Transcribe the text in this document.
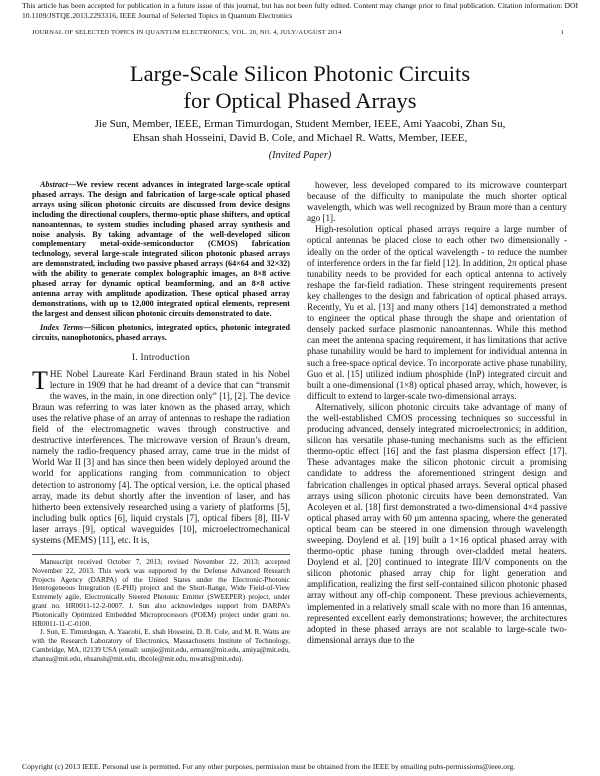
This article has been accepted for publication in a future issue of this journal, but has not been fully edited. Content may change prior to final publication. Citation information: DOI 10.1109/JSTQE.2013.2293316, IEEE Journal of Selected Topics in Quantum Electronics
JOURNAL OF SELECTED TOPICS IN QUANTUM ELECTRONICS, VOL. 20, NO. 4, JULY/AUGUST 2014	1
Large-Scale Silicon Photonic Circuits
for Optical Phased Arrays
Jie Sun, Member, IEEE, Erman Timurdogan, Student Member, IEEE, Ami Yaacobi, Zhan Su,
Ehsan shah Hosseini, David B. Cole, and Michael R. Watts, Member, IEEE,
(Invited Paper)

Abstract—We review recent advances in integrated large-scale optical phased arrays. The design and fabrication of large-scale optical phased arrays using silicon photonic circuits are discussed from device designs including the directional couplers, thermo-optic phase shifters, and optical nanoantennas, to system studies including phased array synthesis and noise analysis. By taking advantage of the well-developed silicon complementary metal-oxide-semiconductor (CMOS) fabrication technology, several large-scale integrated silicon photonic phased arrays are demonstrated, including two passive phased arrays (64×64 and 32×32) with the ability to generate complex holographic images, an 8×8 active phased array for dynamic optical beamforming, and an 8×8 active antenna array with amplitude apodization. These optical phased array demonstrations, with up to 12,000 integrated optical elements, represent the largest and densest silicon photonic circuits demonstrated to date.

Index Terms—Silicon photonics, integrated optics, photonic integrated circuits, nanophotonics, phased arrays.

I. Introduction

THE Nobel Laureate Karl Ferdinand Braun stated in his Nobel lecture in 1909 that he had dreamt of a device that can “transmit the waves, in the main, in one direction only” [1], [2]. The device Braun was referring to was later known as the phased array, which uses the relative phase of an array of antennas to reshape the radiation field of the electromagnetic waves through constructive and destructive interferences. The microwave version of Braun’s dream, namely the radio-frequency phased array, came true in the midst of World War II [3] and has since then been widely deployed around the world for applications ranging from communication to object detection to astronomy [4]. The optical version, i.e. the optical phased array, made its debut shortly after the invention of laser, and has hitherto been extensively researched using a variety of platforms [5], including bulk optics [6], liquid crystals [7], optical fibers [8], III-V laser arrays [9], optical waveguides [10], microelectromechanical systems (MEMS) [11], etc. It is,

Manuscript received October 7, 2013; revised November 22, 2013; accepted November 22, 2013. This work was supported by the Defense Advanced Research Projects Agency (DARPA) of the United States under the Electronic-Photonic Heterogeneous Integration (E-PHI) project and the Short-Range, Wide Field-of-View Extremely agile, Electronically Steered Photonic Emitter (SWEEPER) project, under grant no. HR0011-12-2-0007. J. Sun also acknowledges support from DARPA’s Photonically Optimized Embedded Microprocessors (POEM) project under grant no. HR0011-11-C-0100.

J. Sun, E. Timurdogan, A. Yaacobi, E. shah Hosseini, D. B. Cole, and M. R. Watts are with the Research Laboratory of Electronics, Massachusetts Institute of Technology, Cambridge, MA, 02139 USA (email: sunjie@mit.edu, ermant@mit.edu, amiya@mit.edu, zhansu@mit.edu, ehsansh@mit.edu, dbcole@mit.edu, mwatts@mit.edu).

however, less developed compared to its microwave counterpart because of the difficulty to manipulate the much shorter optical wavelength, which was well recognized by Braun more than a century ago [1].

High-resolution optical phased arrays require a large number of optical antennas be placed close to each other two dimensionally - ideally on the order of the optical wavelength - to reduce the number of interference orders in the far field [12]. In addition, 2π optical phase tunability needs to be provided for each optical antenna to actively reshape the far-field radiation. These stringent requirements present key challenges to the design and fabrication of optical phased arrays. Recently, Yu et al. [13] and many others [14] demonstrated a method to engineer the optical phase through the shape and orientation of densely packed surface plasmonic nanoantennas. While this method can meet the antenna spacing requirement, it has limitations that active phase tunability would be hard to implement for individual antenna in such a free-space optical device. To incorporate active phase tunability, Guo et al. [15] utilized indium phosphide (InP) integrated circuit and built a one-dimensional (1×8) optical phased array, which, however, is difficult to extend to larger-scale two-dimensional arrays.

Alternatively, silicon photonic circuits take advantage of many of the well-established CMOS processing techniques so successful in producing advanced, densely integrated microelectronics; in addition, silicon has versatile phase-tuning mechanisms such as the efficient thermo-optic effect [16] and the fast plasma dispersion effect [17]. These advantages make the silicon photonic circuit a promising candidate to address the aforementioned stringent design and fabrication challenges in optical phased arrays. Several optical phased arrays using silicon photonic circuits have been demonstrated. Van Acoleyen et al. [18] first demonstrated a two-dimensional 4×4 passive optical phased array with 60 μm antenna spacing, where the generated optical beam can be steered in one dimension through wavelength sweeping. Doylend et al. [19] built a 1×16 optical phased array with thermo-optic phase tuning through over-cladded metal heaters. Doylend et al. [20] continued to integrate III/V components on the silicon photonic phased array chip for light generation and amplification, realizing the first self-contained silicon photonic phased array without any off-chip component. These previous achievements, implemented in a relatively small scale with no more than 16 antennas, represented excellent early demonstrations; however, the architectures adopted in these phased arrays are not scalable to large-scale two-dimensional arrays due to the

Copyright (c) 2013 IEEE. Personal use is permitted. For any other purposes, permission must be obtained from the IEEE by emailing pubs-permissions@ieee.org.
